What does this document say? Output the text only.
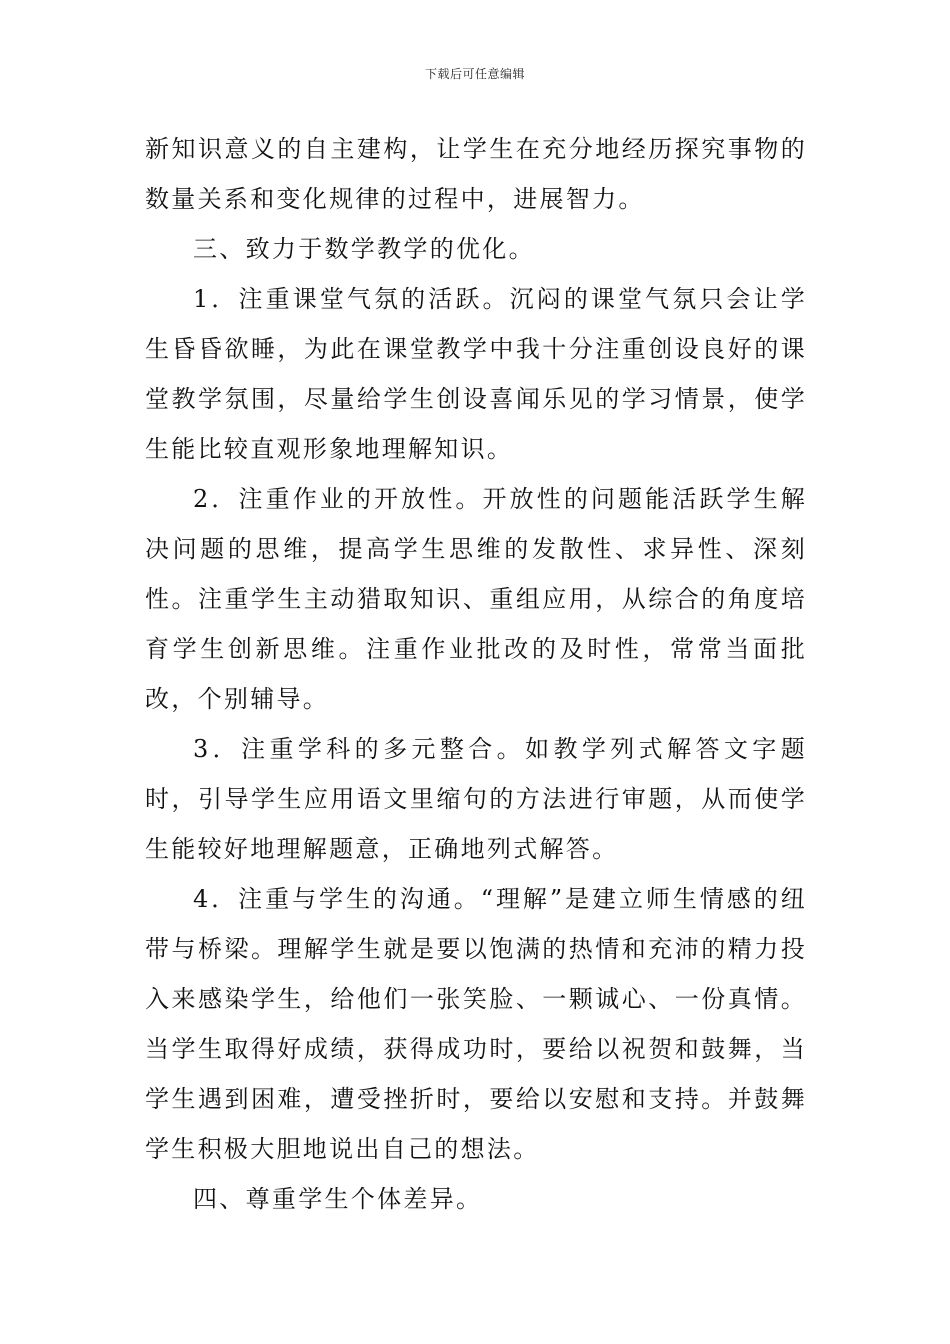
下载后可任意编辑

新知识意义的自主建构，让学生在充分地经历探究事物的数量关系和变化规律的过程中，进展智力。

三、致力于数学教学的优化。

1．注重课堂气氛的活跃。沉闷的课堂气氛只会让学生昏昏欲睡，为此在课堂教学中我十分注重创设良好的课堂教学氛围，尽量给学生创设喜闻乐见的学习情景，使学生能比较直观形象地理解知识。

2．注重作业的开放性。开放性的问题能活跃学生解决问题的思维，提高学生思维的发散性、求异性、深刻性。注重学生主动猎取知识、重组应用，从综合的角度培育学生创新思维。注重作业批改的及时性，常常当面批改，个别辅导。

3．注重学科的多元整合。如教学列式解答文字题时，引导学生应用语文里缩句的方法进行审题，从而使学生能较好地理解题意，正确地列式解答。

4．注重与学生的沟通。“理解”是建立师生情感的纽带与桥梁。理解学生就是要以饱满的热情和充沛的精力投入来感染学生，给他们一张笑脸、一颗诚心、一份真情。当学生取得好成绩，获得成功时，要给以祝贺和鼓舞，当学生遇到困难，遭受挫折时，要给以安慰和支持。并鼓舞学生积极大胆地说出自己的想法。

四、尊重学生个体差异。
